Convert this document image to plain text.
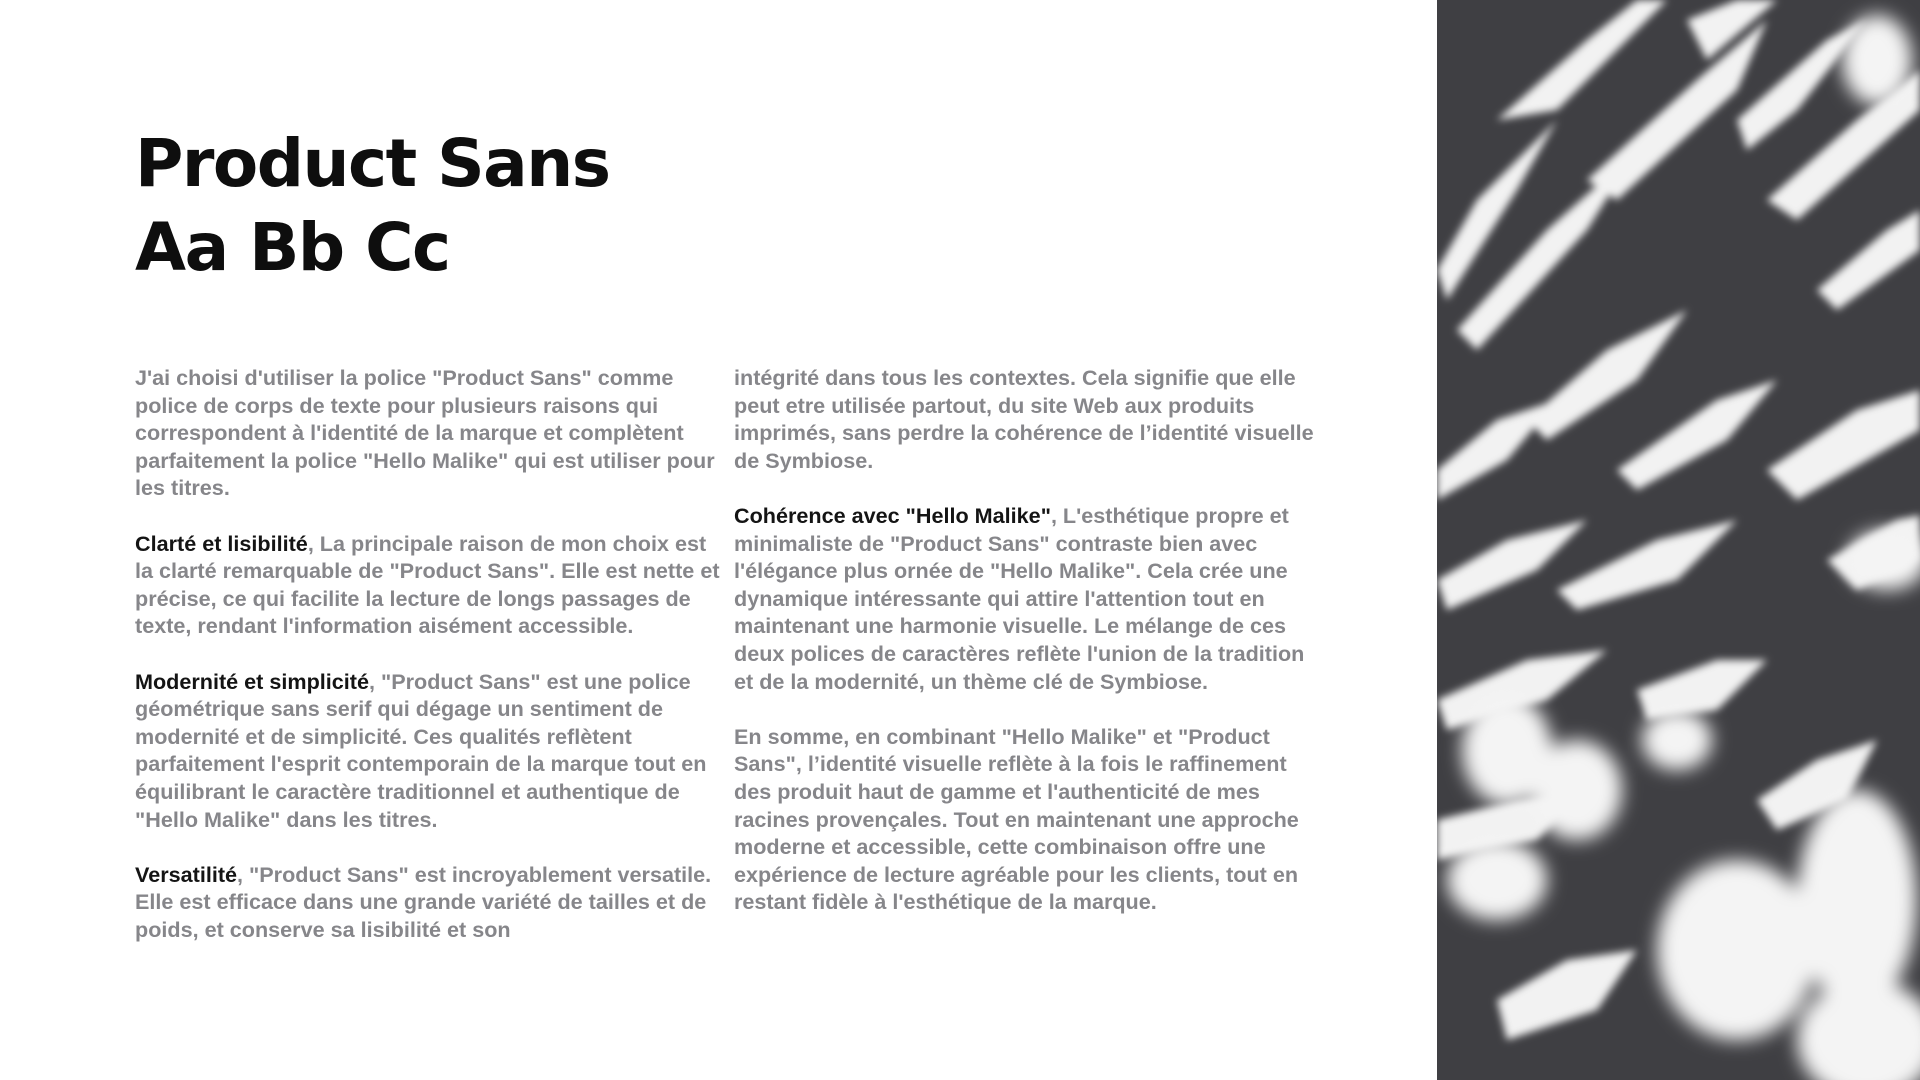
Product Sans
Aa Bb Cc

J'ai choisi d'utiliser la police "Product Sans" comme police de corps de texte pour plusieurs raisons qui correspondent à l'identité de la marque et complètent parfaitement la police "Hello Malike" qui est utiliser pour les titres.

Clarté et lisibilité, La principale raison de mon choix est la clarté remarquable de "Product Sans". Elle est nette et précise, ce qui facilite la lecture de longs passages de texte, rendant l'information aisément accessible.

Modernité et simplicité, "Product Sans" est une police géométrique sans serif qui dégage un sentiment de modernité et de simplicité. Ces qualités reflètent parfaitement l'esprit contemporain de la marque tout en équilibrant le caractère traditionnel et authentique de "Hello Malike" dans les titres.

Versatilité, "Product Sans" est incroyablement versatile. Elle est efficace dans une grande variété de tailles et de poids, et conserve sa lisibilité et son

intégrité dans tous les contextes. Cela signifie que elle peut etre utilisée partout, du site Web aux produits imprimés, sans perdre la cohérence de l’identité visuelle de Symbiose.

Cohérence avec "Hello Malike", L'esthétique propre et minimaliste de "Product Sans" contraste bien avec l'élégance plus ornée de "Hello Malike". Cela crée une dynamique intéressante qui attire l'attention tout en maintenant une harmonie visuelle. Le mélange de ces deux polices de caractères reflète l'union de la tradition et de la modernité, un thème clé de Symbiose.

En somme, en combinant "Hello Malike" et "Product Sans", l’identité visuelle reflète à la fois le raffinement des produit haut de gamme et l'authenticité de mes racines provençales. Tout en maintenant une approche moderne et accessible, cette combinaison offre une expérience de lecture agréable pour les clients, tout en restant fidèle à l'esthétique de la marque.
